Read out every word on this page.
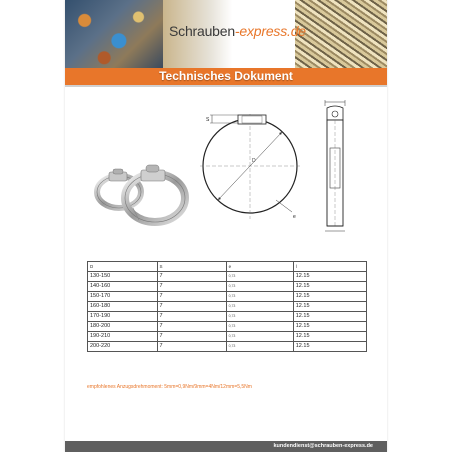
Schrauben-express.de
Technisches Dokument
S
D
e
D	S	e	l
130-150	7	0,73	12.15
140-160	7	0,73	12.15
150-170	7	0,73	12.15
160-180	7	0,73	12.15
170-190	7	0,73	12.15
180-200	7	0,73	12.15
190-210	7	0,73	12.15
200-220	7	0,73	12.15
empfohlenes Anzugsdrehmoment: 5mm=0,9Nm/9mm=4Nm/12mm=5,5Nm
kundendienst@schrauben-express.de
